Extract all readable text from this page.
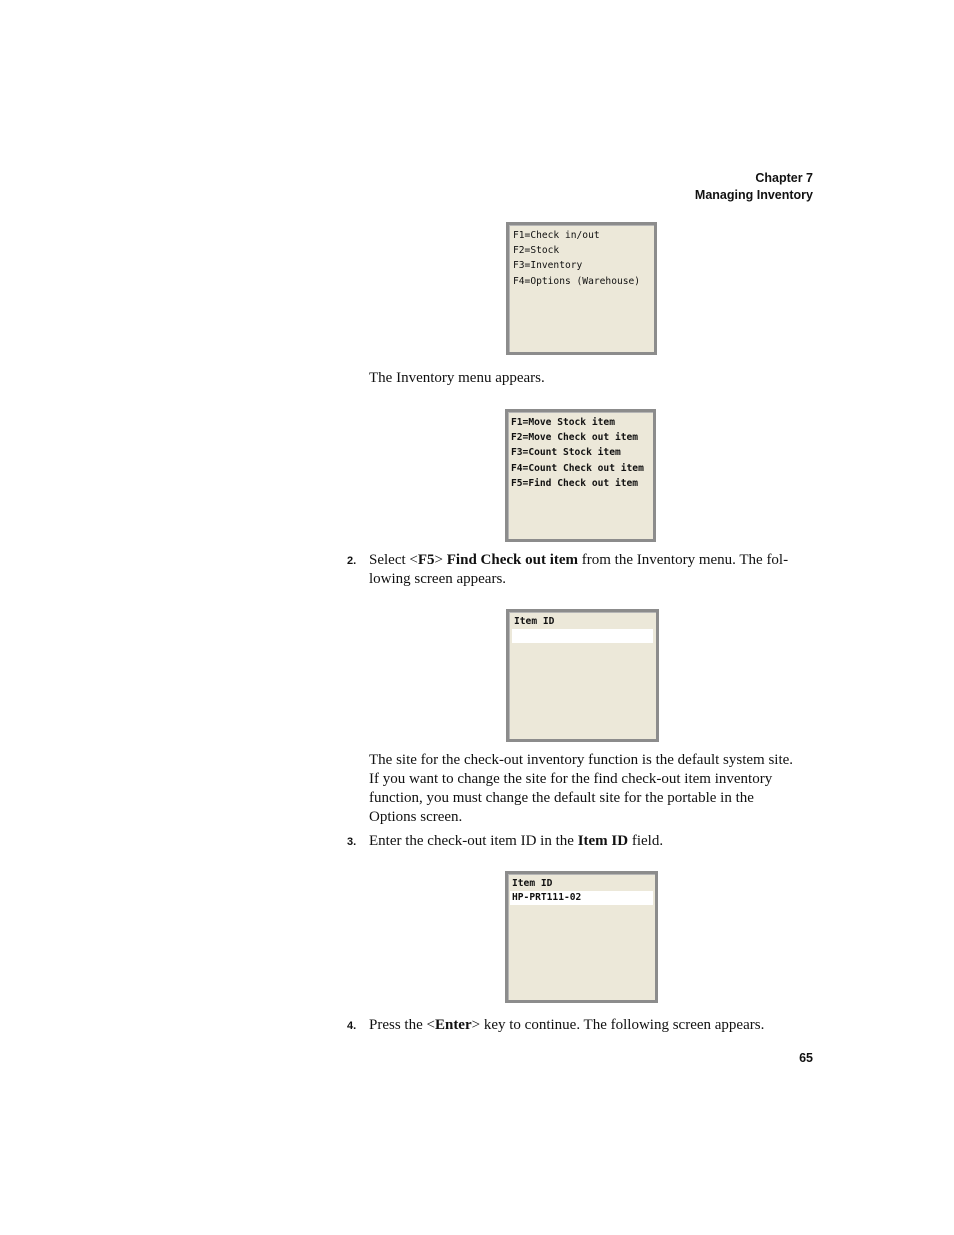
Chapter 7
Managing Inventory
F1=Check in/out
F2=Stock
F3=Inventory
F4=Options (Warehouse)
The Inventory menu appears.
F1=Move Stock item
F2=Move Check out item
F3=Count Stock item
F4=Count Check out item
F5=Find Check out item
2. Select <F5> Find Check out item from the Inventory menu. The fol-
lowing screen appears.
Item ID
The site for the check-out inventory function is the default system site.
If you want to change the site for the find check-out item inventory
function, you must change the default site for the portable in the
Options screen.
3. Enter the check-out item ID in the Item ID field.
Item ID
HP-PRT111-02
4. Press the <Enter> key to continue. The following screen appears.
65
